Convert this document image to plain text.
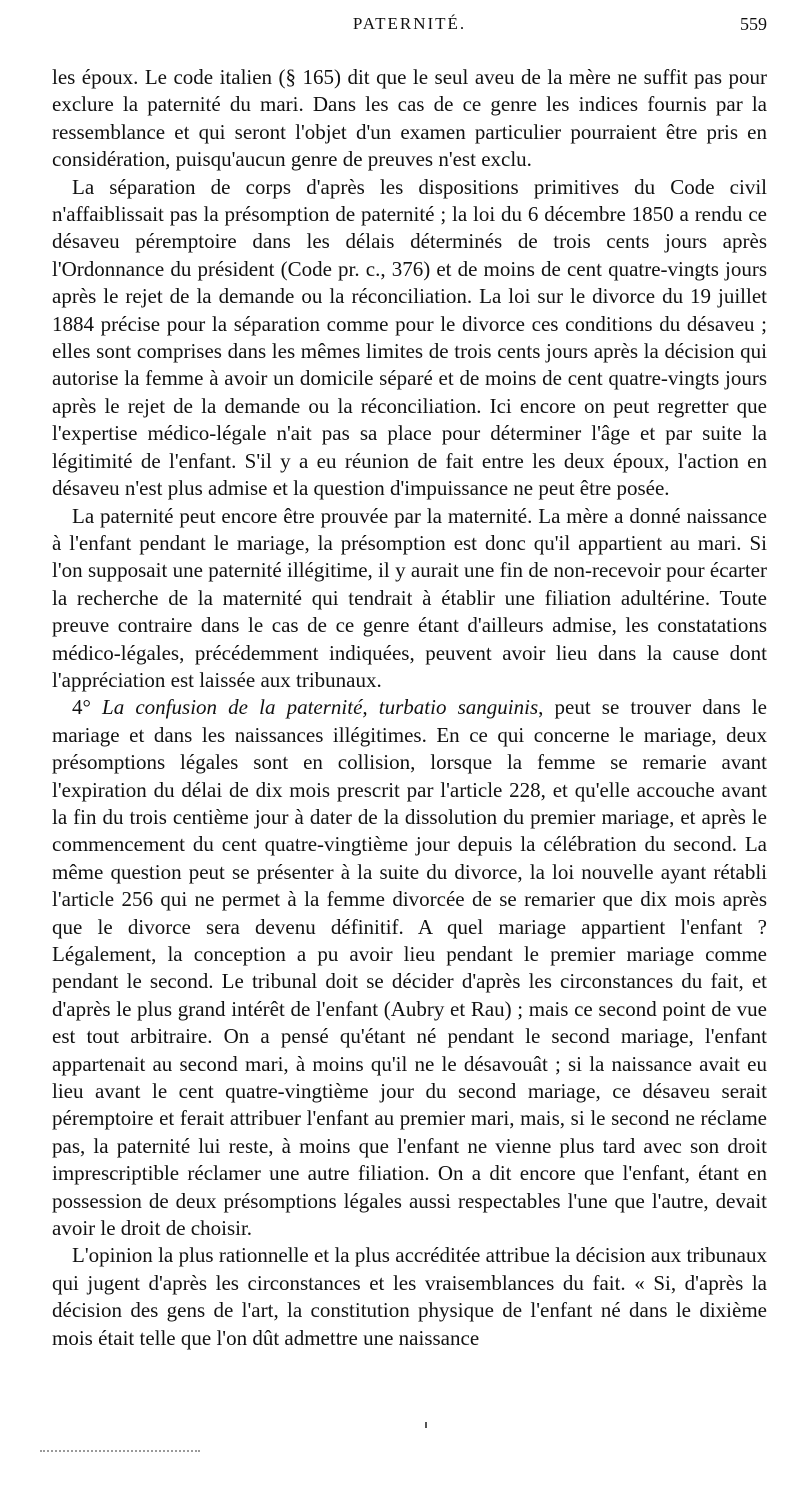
PATERNITÉ.	559

les époux. Le code italien (§ 165) dit que le seul aveu de la mère ne suffit pas pour exclure la paternité du mari. Dans les cas de ce genre les indices fournis par la ressemblance et qui seront l'objet d'un examen particulier pourraient être pris en considération, puisqu'aucun genre de preuves n'est exclu.

La séparation de corps d'après les dispositions primitives du Code civil n'affaiblissait pas la présomption de paternité ; la loi du 6 décembre 1850 a rendu ce désaveu péremptoire dans les délais déterminés de trois cents jours après l'Ordonnance du président (Code pr. c., 376) et de moins de cent quatre-vingts jours après le rejet de la demande ou la réconciliation. La loi sur le divorce du 19 juillet 1884 précise pour la séparation comme pour le divorce ces conditions du désaveu ; elles sont comprises dans les mêmes limites de trois cents jours après la décision qui autorise la femme à avoir un domicile séparé et de moins de cent quatre-vingts jours après le rejet de la demande ou la réconciliation. Ici encore on peut regretter que l'expertise médico-légale n'ait pas sa place pour déterminer l'âge et par suite la légitimité de l'enfant. S'il y a eu réunion de fait entre les deux époux, l'action en désaveu n'est plus admise et la question d'impuissance ne peut être posée.

La paternité peut encore être prouvée par la maternité. La mère a donné naissance à l'enfant pendant le mariage, la présomption est donc qu'il appartient au mari. Si l'on supposait une paternité illégitime, il y aurait une fin de non-recevoir pour écarter la recherche de la maternité qui tendrait à établir une filiation adultérine. Toute preuve contraire dans le cas de ce genre étant d'ailleurs admise, les constatations médico-légales, précédemment indiquées, peuvent avoir lieu dans la cause dont l'appréciation est laissée aux tribunaux.

4° La confusion de la paternité, turbatio sanguinis, peut se trouver dans le mariage et dans les naissances illégitimes. En ce qui concerne le mariage, deux présomptions légales sont en collision, lorsque la femme se remarie avant l'expiration du délai de dix mois prescrit par l'article 228, et qu'elle accouche avant la fin du trois centième jour à dater de la dissolution du premier mariage, et après le commencement du cent quatre-vingtième jour depuis la célébration du second. La même question peut se présenter à la suite du divorce, la loi nouvelle ayant rétabli l'article 256 qui ne permet à la femme divorcée de se remarier que dix mois après que le divorce sera devenu définitif. A quel mariage appartient l'enfant ? Légalement, la conception a pu avoir lieu pendant le premier mariage comme pendant le second. Le tribunal doit se décider d'après les circonstances du fait, et d'après le plus grand intérêt de l'enfant (Aubry et Rau) ; mais ce second point de vue est tout arbitraire. On a pensé qu'étant né pendant le second mariage, l'enfant appartenait au second mari, à moins qu'il ne le désavouât ; si la naissance avait eu lieu avant le cent quatre-vingtième jour du second mariage, ce désaveu serait péremptoire et ferait attribuer l'enfant au premier mari, mais, si le second ne réclame pas, la paternité lui reste, à moins que l'enfant ne vienne plus tard avec son droit imprescriptible réclamer une autre filiation. On a dit encore que l'enfant, étant en possession de deux présomptions légales aussi respectables l'une que l'autre, devait avoir le droit de choisir.

L'opinion la plus rationnelle et la plus accréditée attribue la décision aux tribunaux qui jugent d'après les circonstances et les vraisemblances du fait. « Si, d'après la décision des gens de l'art, la constitution physique de l'enfant né dans le dixième mois était telle que l'on dût admettre une naissance
